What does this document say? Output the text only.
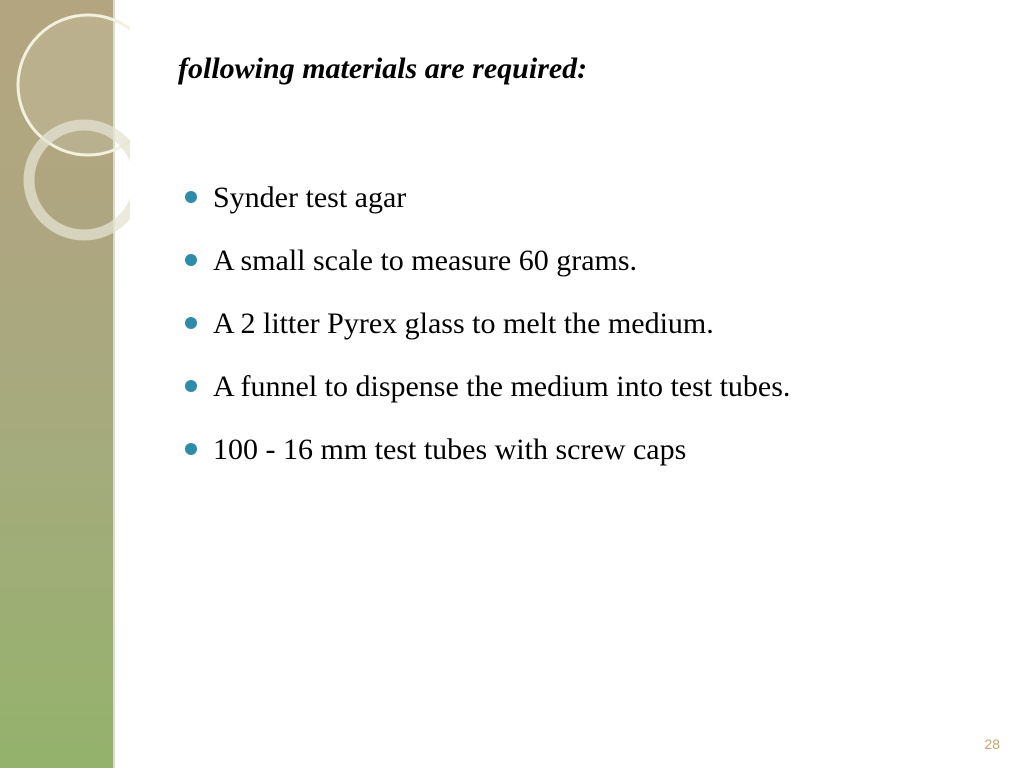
following materials are required:
Synder test agar
A small scale to measure 60 grams.
A 2 litter Pyrex glass to melt the medium.
A funnel to dispense the medium into test tubes.
100 - 16 mm test tubes with screw caps
28
